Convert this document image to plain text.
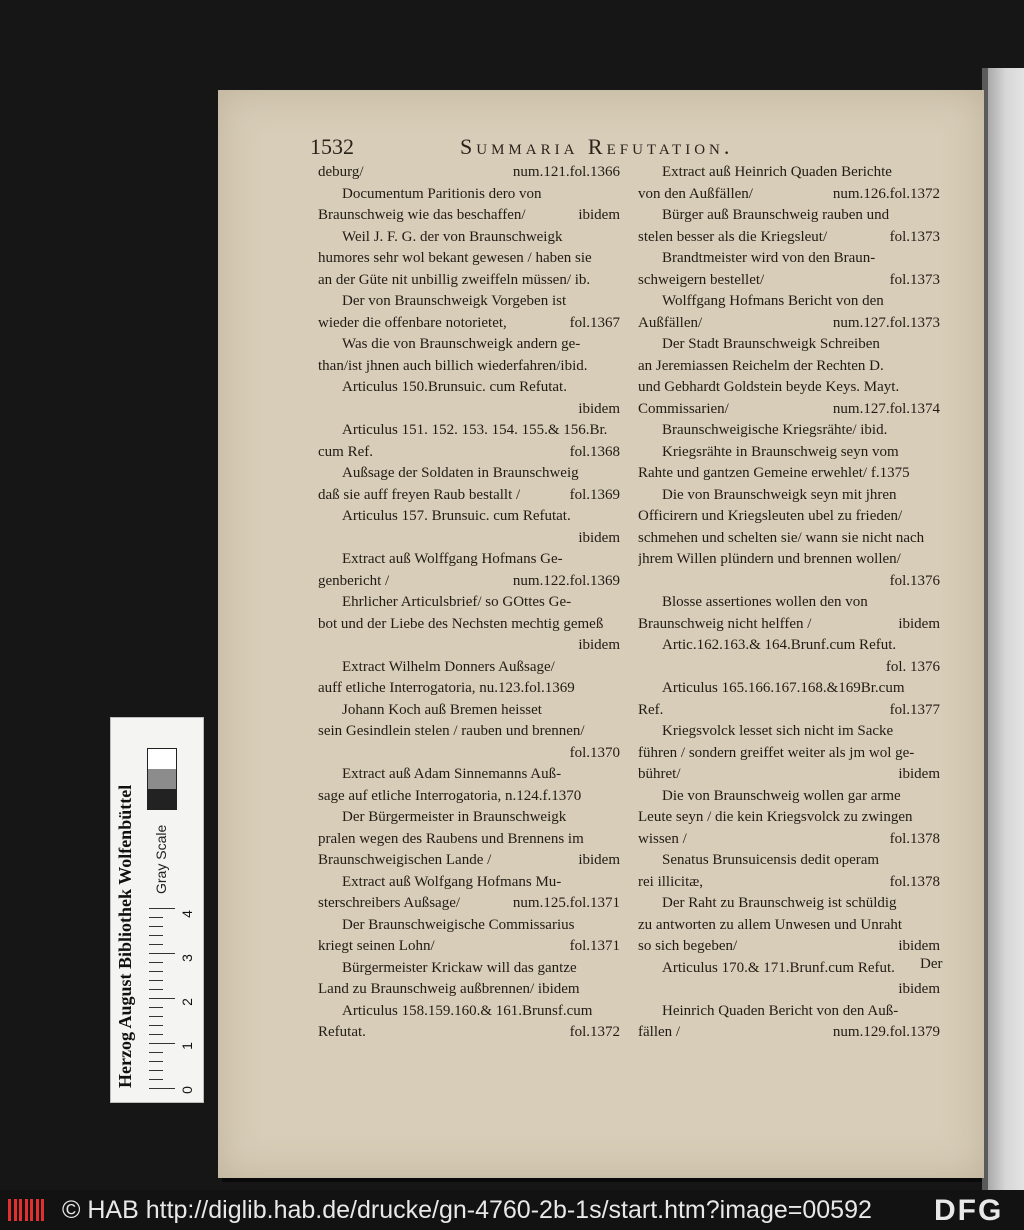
1532	Summaria Refutation.
deburg/	num.121.fol.1366
Documentum Paritionis dero von
Braunschweig wie das beschaffen/	ibidem
Weil J. F. G. der von Braunschweigk
humores sehr wol bekant gewesen / haben sie
an der Güte nit unbillig zweiffeln müssen/ ib.
Der von Braunschweigk Vorgeben ist
wieder die offenbare notorietet,	fol.1367
Was die von Braunschweigk andern ge-
than/ist jhnen auch billich wiederfahren/ibid.
Articulus 150.Brunsuic. cum Refutat.
ibidem
Articulus 151. 152. 153. 154. 155.& 156.Br.
cum Ref.	fol.1368
Außsage der Soldaten in Braunschweig
daß sie auff freyen Raub bestallt /	fol.1369
Articulus 157. Brunsuic. cum Refutat.
ibidem
Extract auß Wolffgang Hofmans Ge-
genbericht /	num.122.fol.1369
Ehrlicher Articulsbrief/ so GOttes Ge-
bot und der Liebe des Nechsten mechtig gemeß
ibidem
Extract Wilhelm Donners Außsage/
auff etliche Interrogatoria, nu.123.fol.1369
Johann Koch auß Bremen heisset
sein Gesindlein stelen / rauben und brennen/
fol.1370
Extract auß Adam Sinnemanns Auß-
sage auf etliche Interrogatoria, n.124.f.1370
Der Bürgermeister in Braunschweigk
pralen wegen des Raubens und Brennens im
Braunschweigischen Lande /	ibidem
Extract auß Wolfgang Hofmans Mu-
sterschreibers Außsage/	num.125.fol.1371
Der Braunschweigische Commissarius
kriegt seinen Lohn/	fol.1371
Bürgermeister Krickaw will das gantze
Land zu Braunschweig außbrennen/ ibidem
Articulus 158.159.160.& 161.Brunsf.cum
Refutat.	fol.1372
Extract auß Heinrich Quaden Berichte
von den Außfällen/	num.126.fol.1372
Bürger auß Braunschweig rauben und
stelen besser als die Kriegsleut/	fol.1373
Brandtmeister wird von den Braun-
schweigern bestellet/	fol.1373
Wolffgang Hofmans Bericht von den
Außfällen/	num.127.fol.1373
Der Stadt Braunschweigk Schreiben
an Jeremiassen Reichelm der Rechten D.
und Gebhardt Goldstein beyde Keys. Mayt.
Commissarien/	num.127.fol.1374
Braunschweigische Kriegsrähte/ ibid.
Kriegsrähte in Braunschweig seyn vom
Rahte und gantzen Gemeine erwehlet/ f.1375
Die von Braunschweigk seyn mit jhren
Officirern und Kriegsleuten ubel zu frieden/
schmehen und schelten sie/ wann sie nicht nach
jhrem Willen plündern und brennen wollen/
fol.1376
Blosse assertiones wollen den von
Braunschweig nicht helffen /	ibidem
Artic.162.163.& 164.Brunf.cum Refut.
fol. 1376
Articulus 165.166.167.168.&169Br.cum
Ref.	fol.1377
Kriegsvolck lesset sich nicht im Sacke
führen / sondern greiffet weiter als jm wol ge-
bühret/	ibidem
Die von Braunschweig wollen gar arme
Leute seyn / die kein Kriegsvolck zu zwingen
wissen /	fol.1378
Senatus Brunsuicensis dedit operam
rei illicitæ,	fol.1378
Der Raht zu Braunschweig ist schüldig
zu antworten zu allem Unwesen und Unraht
so sich begeben/	ibidem
Articulus 170.& 171.Brunf.cum Refut.
ibidem
Heinrich Quaden Bericht von den Auß-
fällen /	num.129.fol.1379
Der
Herzog August Bibliothek Wolfenbüttel Gray Scale
0
1
2
3
4
© HAB http://diglib.hab.de/drucke/gn-4760-2b-1s/start.htm?image=00592 DFG
